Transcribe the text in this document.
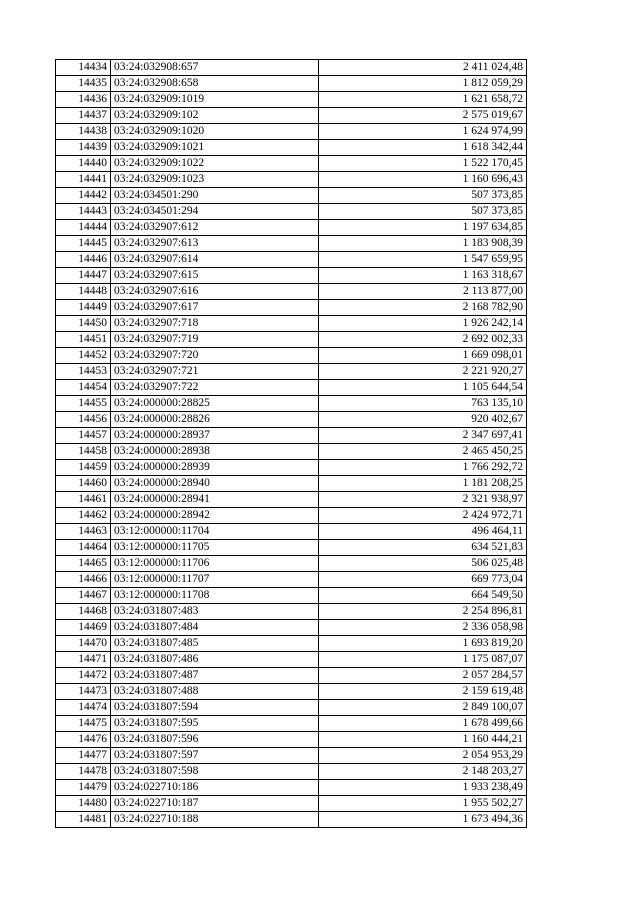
14434	03:24:032908:657	2 411 024,48
14435	03:24:032908:658	1 812 059,29
14436	03:24:032909:1019	1 621 658,72
14437	03:24:032909:102	2 575 019,67
14438	03:24:032909:1020	1 624 974,99
14439	03:24:032909:1021	1 618 342,44
14440	03:24:032909:1022	1 522 170,45
14441	03:24:032909:1023	1 160 696,43
14442	03:24:034501:290	507 373,85
14443	03:24:034501:294	507 373,85
14444	03:24:032907:612	1 197 634,85
14445	03:24:032907:613	1 183 908,39
14446	03:24:032907:614	1 547 659,95
14447	03:24:032907:615	1 163 318,67
14448	03:24:032907:616	2 113 877,00
14449	03:24:032907:617	2 168 782,90
14450	03:24:032907:718	1 926 242,14
14451	03:24:032907:719	2 692 002,33
14452	03:24:032907:720	1 669 098,01
14453	03:24:032907:721	2 221 920,27
14454	03:24:032907:722	1 105 644,54
14455	03:24:000000:28825	763 135,10
14456	03:24:000000:28826	920 402,67
14457	03:24:000000:28937	2 347 697,41
14458	03:24:000000:28938	2 465 450,25
14459	03:24:000000:28939	1 766 292,72
14460	03:24:000000:28940	1 181 208,25
14461	03:24:000000:28941	2 321 938,97
14462	03:24:000000:28942	2 424 972,71
14463	03:12:000000:11704	496 464,11
14464	03:12:000000:11705	634 521,83
14465	03:12:000000:11706	506 025,48
14466	03:12:000000:11707	669 773,04
14467	03:12:000000:11708	664 549,50
14468	03:24:031807:483	2 254 896,81
14469	03:24:031807:484	2 336 058,98
14470	03:24:031807:485	1 693 819,20
14471	03:24:031807:486	1 175 087,07
14472	03:24:031807:487	2 057 284,57
14473	03:24:031807:488	2 159 619,48
14474	03:24:031807:594	2 849 100,07
14475	03:24:031807:595	1 678 499,66
14476	03:24:031807:596	1 160 444,21
14477	03:24:031807:597	2 054 953,29
14478	03:24:031807:598	2 148 203,27
14479	03:24:022710:186	1 933 238,49
14480	03:24:022710:187	1 955 502,27
14481	03:24:022710:188	1 673 494,36
